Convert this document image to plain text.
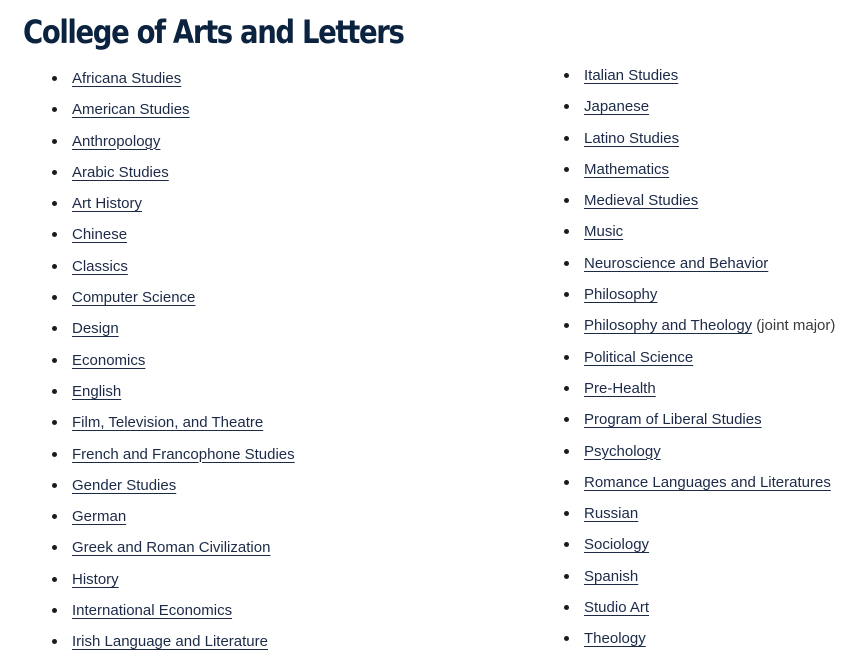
College of Arts and Letters
Africana Studies
American Studies
Anthropology
Arabic Studies
Art History
Chinese
Classics
Computer Science
Design
Economics
English
Film, Television, and Theatre
French and Francophone Studies
Gender Studies
German
Greek and Roman Civilization
History
International Economics
Irish Language and Literature
Italian Studies
Japanese
Latino Studies
Mathematics
Medieval Studies
Music
Neuroscience and Behavior
Philosophy
Philosophy and Theology (joint major)
Political Science
Pre-Health
Program of Liberal Studies
Psychology
Romance Languages and Literatures
Russian
Sociology
Spanish
Studio Art
Theology
